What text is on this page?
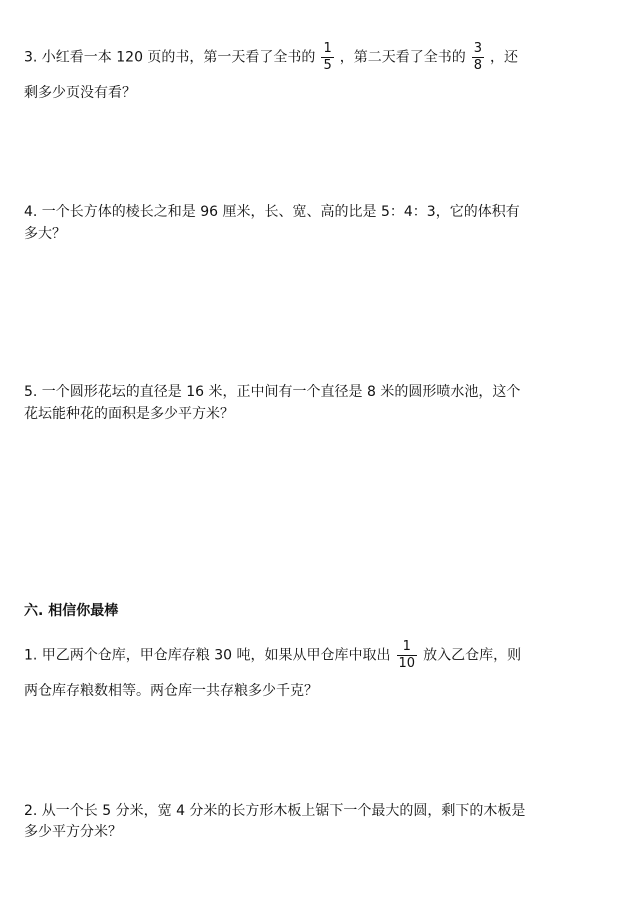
3. 小红看一本 120 页的书，第一天看了全书的 $\frac{1}{5}$ ，第二天看了全书的 $\frac{3}{8}$ ，还
剩多少页没有看？
4. 一个长方体的棱长之和是 96 厘米，长、宽、高的比是 5：4：3，它的体积有
多大？
5. 一个圆形花坛的直径是 16 米，正中间有一个直径是 8 米的圆形喷水池，这个
花坛能种花的面积是多少平方米？
六. 相信你最棒
1. 甲乙两个仓库，甲仓库存粮 30 吨，如果从甲仓库中取出 $\frac{1}{10}$ 放入乙仓库，则
两仓库存粮数相等。两仓库一共存粮多少千克？
2. 从一个长 5 分米，宽 4 分米的长方形木板上锯下一个最大的圆，剩下的木板是
多少平方分米？
